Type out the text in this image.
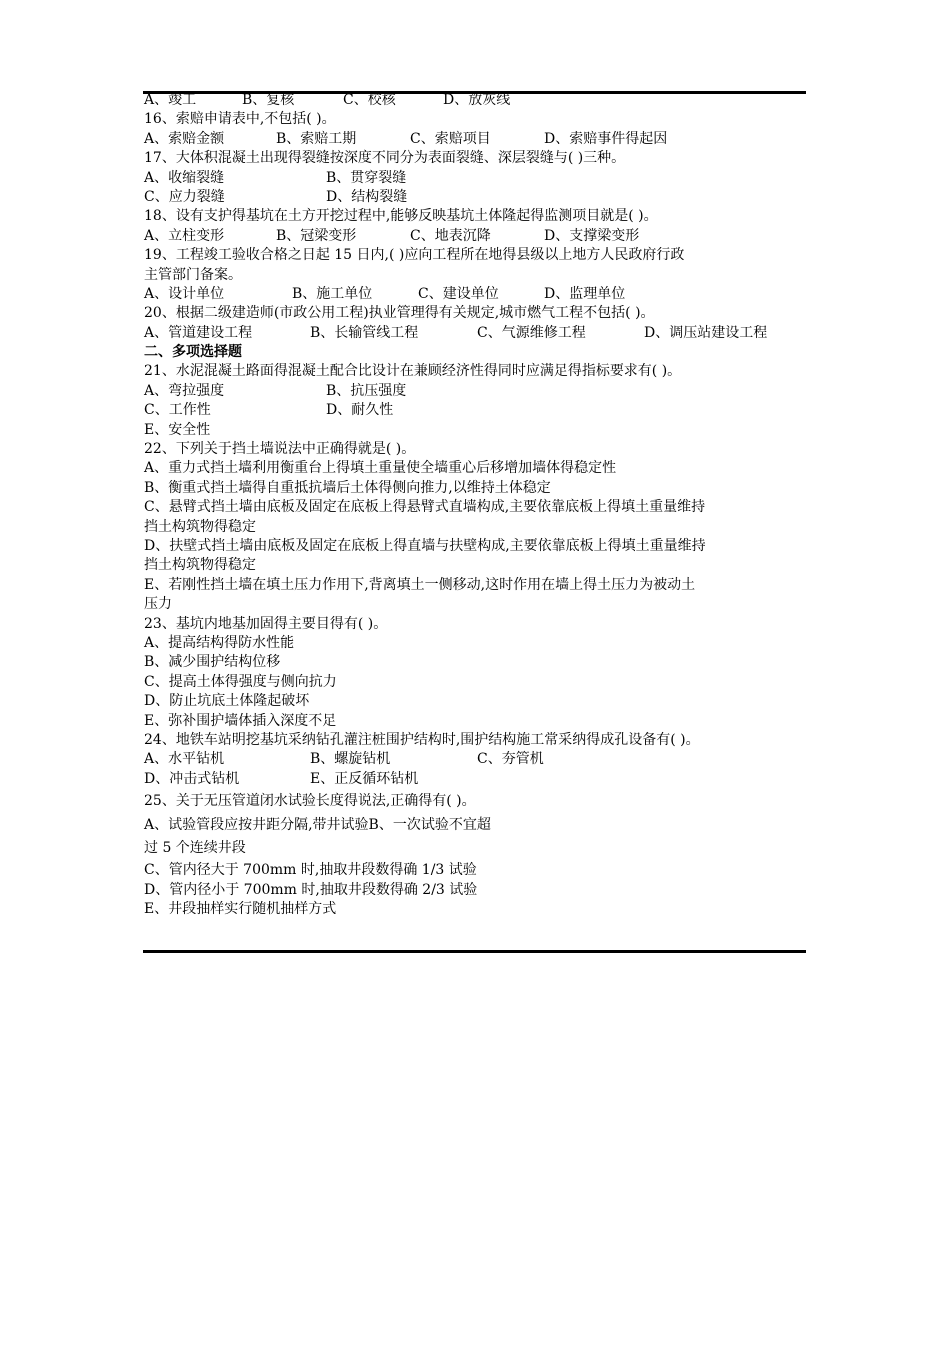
A、竣工	B、复核	C、校核	D、放灰线
16、索赔申请表中,不包括( )。
A、索赔金额	B、索赔工期	C、索赔项目	D、索赔事件得起因
17、大体积混凝土出现得裂缝按深度不同分为表面裂缝、深层裂缝与( )三种。
A、收缩裂缝	B、贯穿裂缝
C、应力裂缝	D、结构裂缝
18、设有支护得基坑在土方开挖过程中,能够反映基坑土体隆起得监测项目就是( )。
A、立柱变形	B、冠梁变形	C、地表沉降	D、支撑梁变形
19、工程竣工验收合格之日起 15 日内,( )应向工程所在地得县级以上地方人民政府行政
主管部门备案。
A、设计单位	B、施工单位	C、建设单位	D、监理单位
20、根据二级建造师(市政公用工程)执业管理得有关规定,城市燃气工程不包括( )。
A、管道建设工程	B、长输管线工程	C、气源维修工程	D、调压站建设工程
二、多项选择题
21、水泥混凝土路面得混凝土配合比设计在兼顾经济性得同时应满足得指标要求有( )。
A、弯拉强度	B、抗压强度
C、工作性	D、耐久性
E、安全性
22、下列关于挡土墙说法中正确得就是( )。
A、重力式挡土墙利用衡重台上得填土重量使全墙重心后移增加墙体得稳定性
B、衡重式挡土墙得自重抵抗墙后土体得侧向推力,以维持土体稳定
C、悬臂式挡土墙由底板及固定在底板上得悬臂式直墙构成,主要依靠底板上得填土重量维持
挡土构筑物得稳定
D、扶壁式挡土墙由底板及固定在底板上得直墙与扶壁构成,主要依靠底板上得填土重量维持
挡土构筑物得稳定
E、若刚性挡土墙在填土压力作用下,背离填土一侧移动,这时作用在墙上得土压力为被动土
压力
23、基坑内地基加固得主要目得有( )。
A、提高结构得防水性能
B、减少围护结构位移
C、提高土体得强度与侧向抗力
D、防止坑底土体隆起破坏
E、弥补围护墙体插入深度不足
24、地铁车站明挖基坑采纳钻孔灌注桩围护结构时,围护结构施工常采纳得成孔设备有( )。
A、水平钻机	B、螺旋钻机	C、夯管机
D、冲击式钻机	E、正反循环钻机
25、关于无压管道闭水试验长度得说法,正确得有( )。
A、试验管段应按井距分隔,带井试验B、一次试验不宜超
过 5 个连续井段
C、管内径大于 700mm 时,抽取井段数得确 1/3 试验
D、管内径小于 700mm 时,抽取井段数得确 2/3 试验
E、井段抽样实行随机抽样方式
